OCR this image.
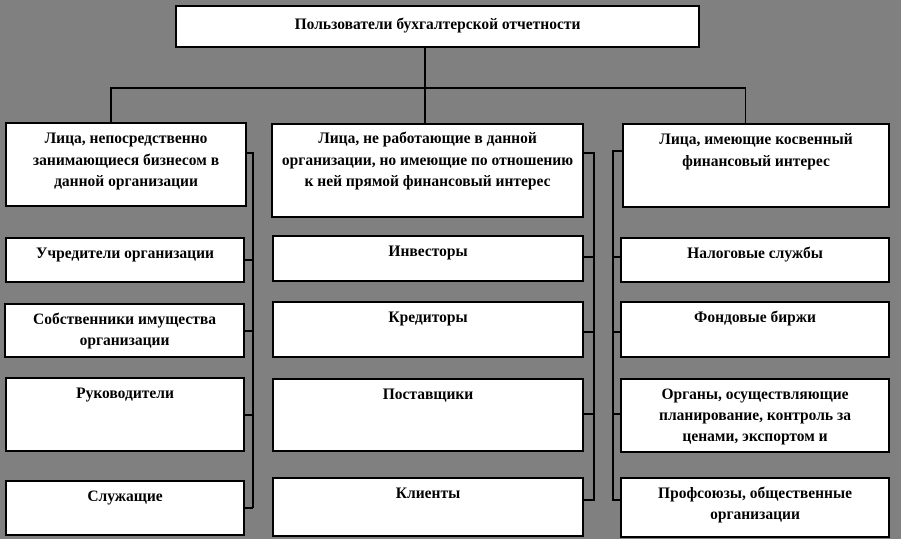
Пользователи бухгалтерской отчетности
Лица, непосредственно занимающиеся бизнесом в данной организации
Учредители организации
Собственники имущества организации
Руководители
Служащие
Лица, не работающие в данной организации, но имеющие по отношению к ней прямой финансовый интерес
Инвесторы
Кредиторы
Поставщики
Клиенты
Лица, имеющие косвенный финансовый интерес
Налоговые службы
Фондовые биржи
Органы, осуществляющие планирование, контроль за ценами, экспортом и
Профсоюзы, общественные организации
